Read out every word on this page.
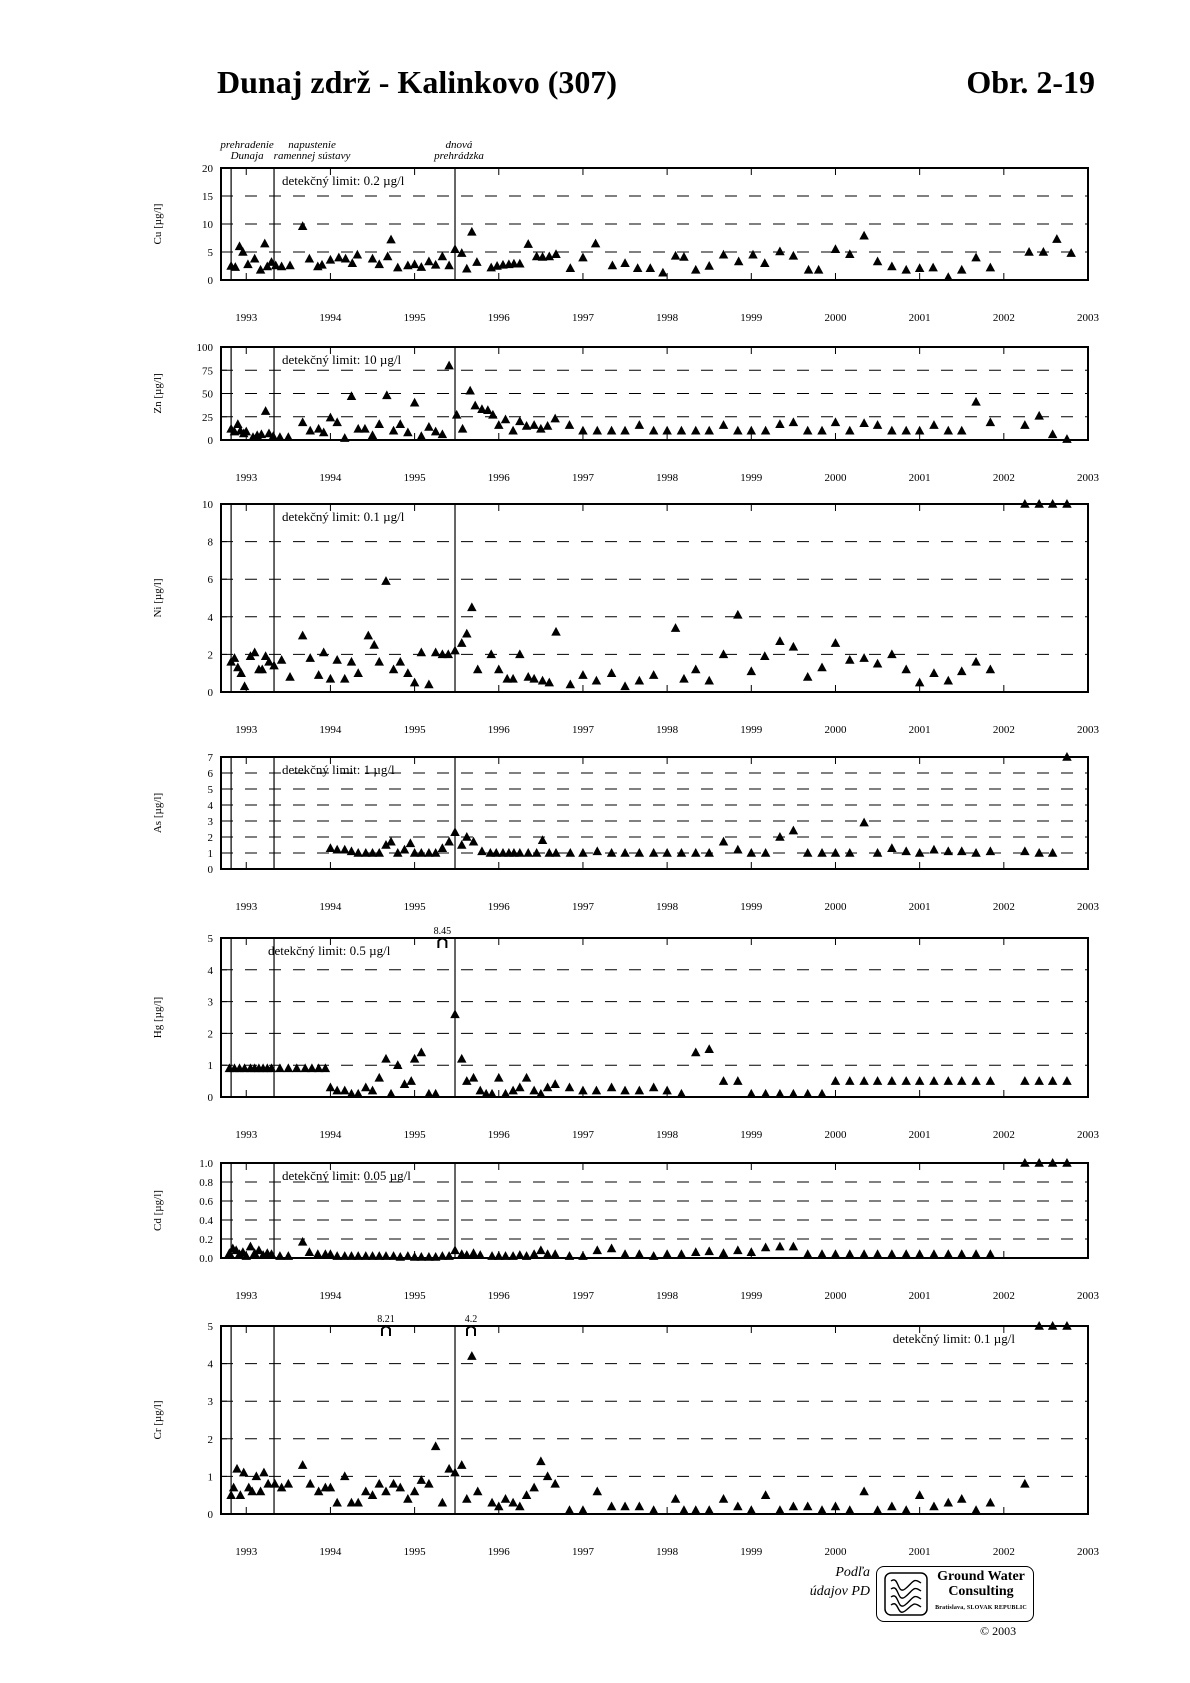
Dunaj zdrž - Kalinkovo (307)	Obr. 2-19
0
5
10
15
20
detekčný limit: 0.2 µg/l
Cu [µg/l]
1993	1994	1995	1996	1997	1998	1999	2000	2001	2002	2003
0
25
50
75
100
detekčný limit: 10 µg/l
Zn [µg/l]
1993	1994	1995	1996	1997	1998	1999	2000	2001	2002	2003
0
2
4
6
8
10
detekčný limit: 0.1 µg/l
Ni [µg/l]
1993	1994	1995	1996	1997	1998	1999	2000	2001	2002	2003
0
1
2
3
4
5
6
7
detekčný limit: 1 µg/l
As [µg/l]
1993	1994	1995	1996	1997	1998	1999	2000	2001	2002	2003
0
1
2
3
4
5
detekčný limit: 0.5 µg/l
Hg [µg/l]
1993	1994	1995	1996	1997	1998	1999	2000	2001	2002	2003
8.45
0.0
0.2
0.4
0.6
0.8
1.0
detekčný limit: 0.05 µg/l
Cd [µg/l]
1993	1994	1995	1996	1997	1998	1999	2000	2001	2002	2003
0
1
2
3
4
5
detekčný limit: 0.1 µg/l
Cr [µg/l]
1993	1994	1995	1996	1997	1998	1999	2000	2001	2002	2003
8.21	4.2
prehradenie
Dunaja
napustenie
ramennej sústavy
dnová
prehrádzka
Podľa
údajov PD
Ground Water
Consulting
Bratislava, SLOVAK REPUBLIC
© 2003
